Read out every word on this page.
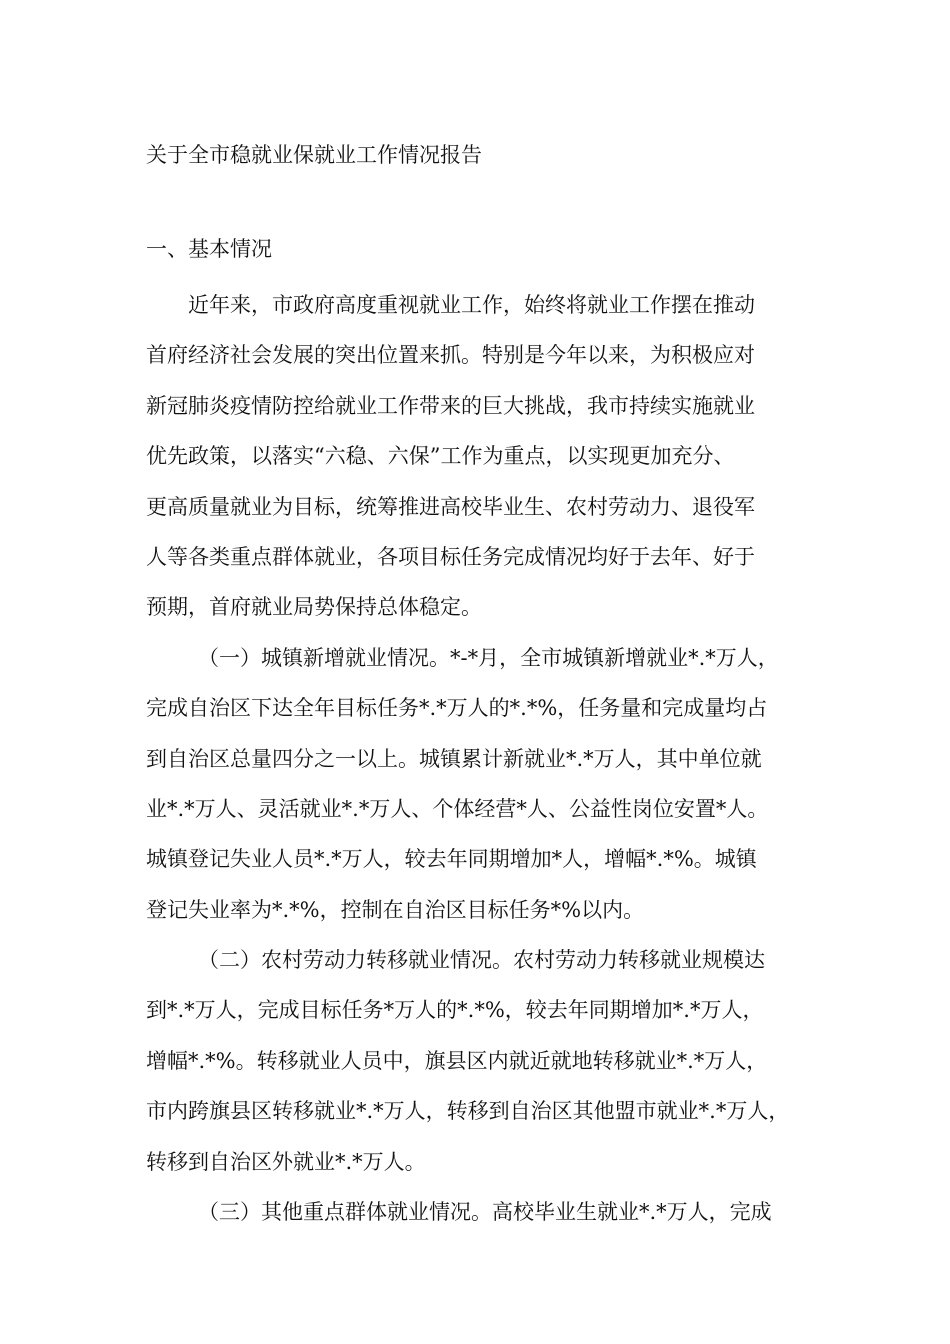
关于全市稳就业保就业工作情况报告
一、基本情况
近年来，市政府高度重视就业工作，始终将就业工作摆在推动
首府经济社会发展的突出位置来抓。特别是今年以来，为积极应对
新冠肺炎疫情防控给就业工作带来的巨大挑战，我市持续实施就业
优先政策，以落实“六稳、六保”工作为重点，以实现更加充分、
更高质量就业为目标，统筹推进高校毕业生、农村劳动力、退役军
人等各类重点群体就业，各项目标任务完成情况均好于去年、好于
预期，首府就业局势保持总体稳定。
（一）城镇新增就业情况。*-*月，全市城镇新增就业*.*万人，
完成自治区下达全年目标任务*.*万人的*.*%，任务量和完成量均占
到自治区总量四分之一以上。城镇累计新就业*.*万人，其中单位就
业*.*万人、灵活就业*.*万人、个体经营*人、公益性岗位安置*人。
城镇登记失业人员*.*万人，较去年同期增加*人，增幅*.*%。城镇
登记失业率为*.*%，控制在自治区目标任务*%以内。
（二）农村劳动力转移就业情况。农村劳动力转移就业规模达
到*.*万人，完成目标任务*万人的*.*%，较去年同期增加*.*万人，
增幅*.*%。转移就业人员中，旗县区内就近就地转移就业*.*万人，
市内跨旗县区转移就业*.*万人，转移到自治区其他盟市就业*.*万人，
转移到自治区外就业*.*万人。
（三）其他重点群体就业情况。高校毕业生就业*.*万人，完成
